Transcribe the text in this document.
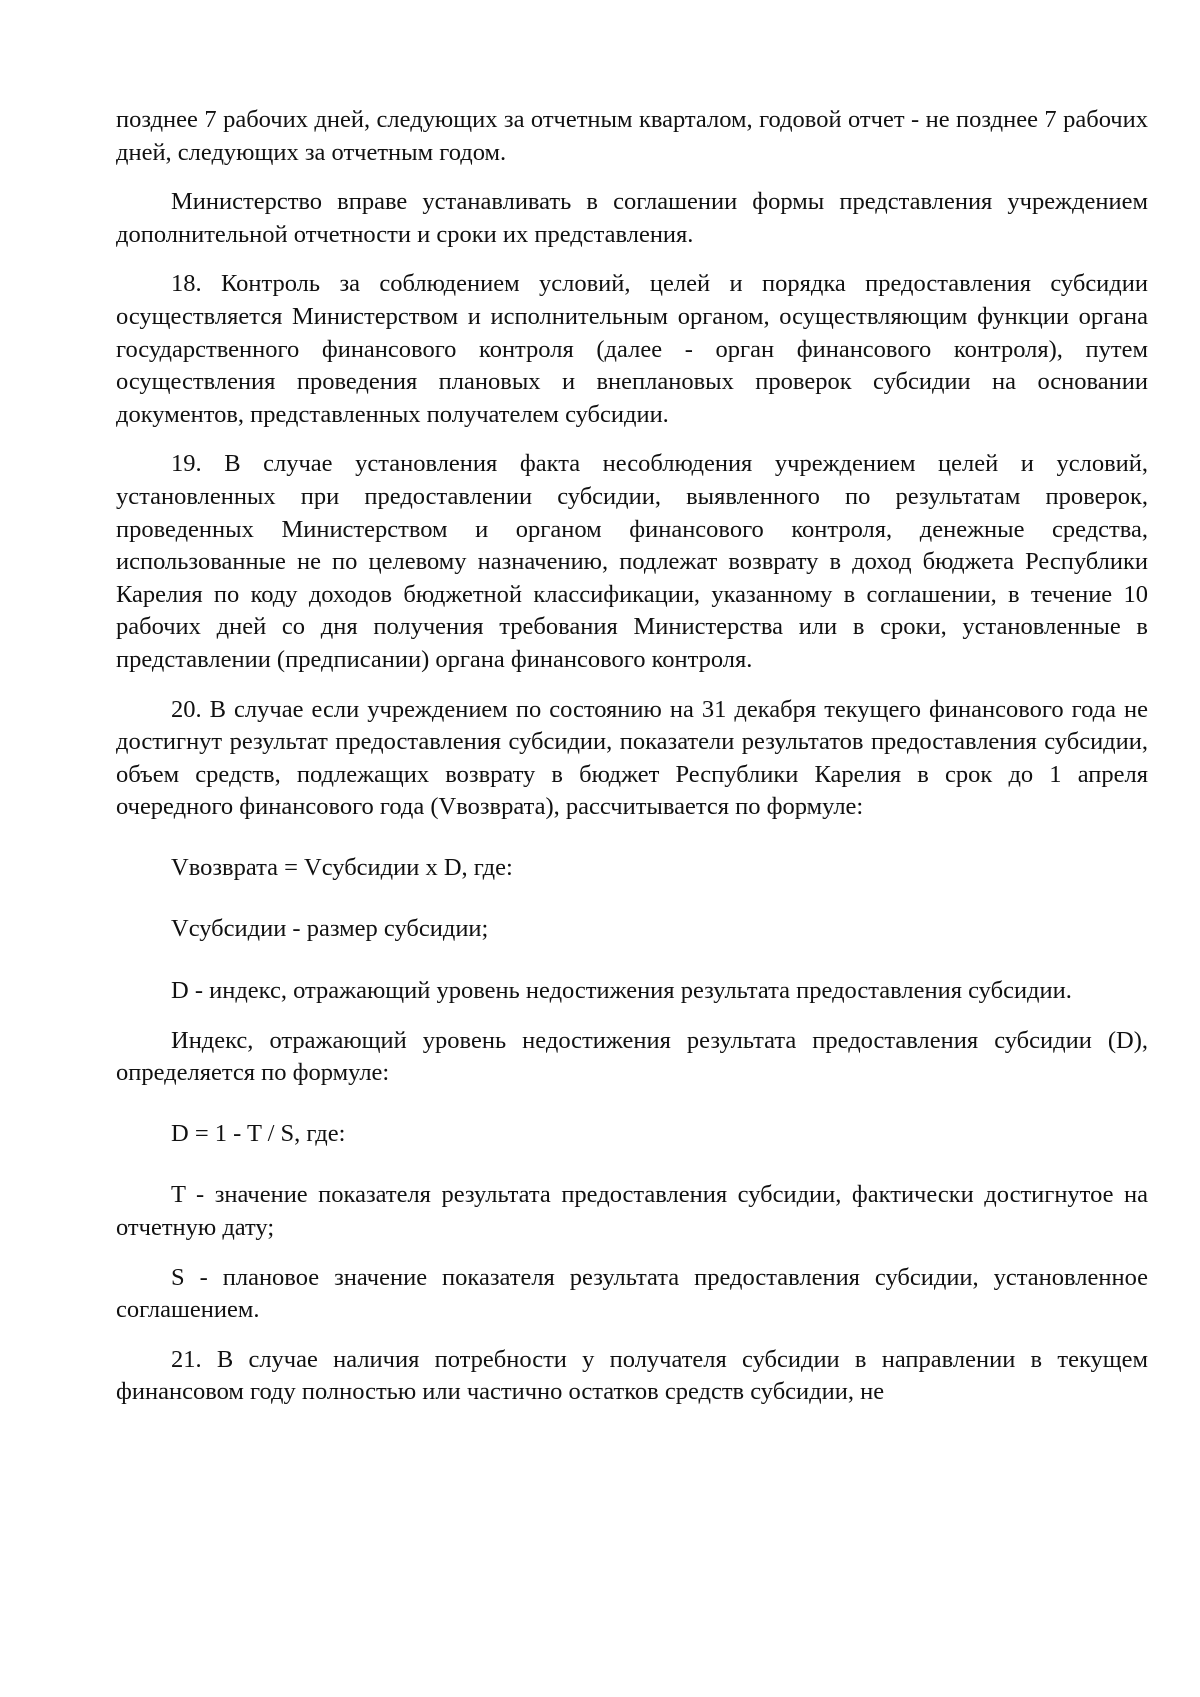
позднее 7 рабочих дней, следующих за отчетным кварталом, годовой отчет - не позднее 7 рабочих дней, следующих за отчетным годом.

Министерство вправе устанавливать в соглашении формы представления учреждением дополнительной отчетности и сроки их представления.

18. Контроль за соблюдением условий, целей и порядка предоставления субсидии осуществляется Министерством и исполнительным органом, осуществляющим функции органа государственного финансового контроля (далее - орган финансового контроля), путем осуществления проведения плановых и внеплановых проверок субсидии на основании документов, представленных получателем субсидии.

19. В случае установления факта несоблюдения учреждением целей и условий, установленных при предоставлении субсидии, выявленного по результатам проверок, проведенных Министерством и органом финансового контроля, денежные средства, использованные не по целевому назначению, подлежат возврату в доход бюджета Республики Карелия по коду доходов бюджетной классификации, указанному в соглашении, в течение 10 рабочих дней со дня получения требования Министерства или в сроки, установленные в представлении (предписании) органа финансового контроля.

20. В случае если учреждением по состоянию на 31 декабря текущего финансового года не достигнут результат предоставления субсидии, показатели результатов предоставления субсидии, объем средств, подлежащих возврату в бюджет Республики Карелия в срок до 1 апреля очередного финансового года (Vвозврата), рассчитывается по формуле:

Vвозврата = Vсубсидии x D, где:

Vсубсидии - размер субсидии;

D - индекс, отражающий уровень недостижения результата предоставления субсидии.

Индекс, отражающий уровень недостижения результата предоставления субсидии (D), определяется по формуле:

D = 1 - T / S, где:

T - значение показателя результата предоставления субсидии, фактически достигнутое на отчетную дату;

S - плановое значение показателя результата предоставления субсидии, установленное соглашением.

21. В случае наличия потребности у получателя субсидии в направлении в текущем финансовом году полностью или частично остатков средств субсидии, не
